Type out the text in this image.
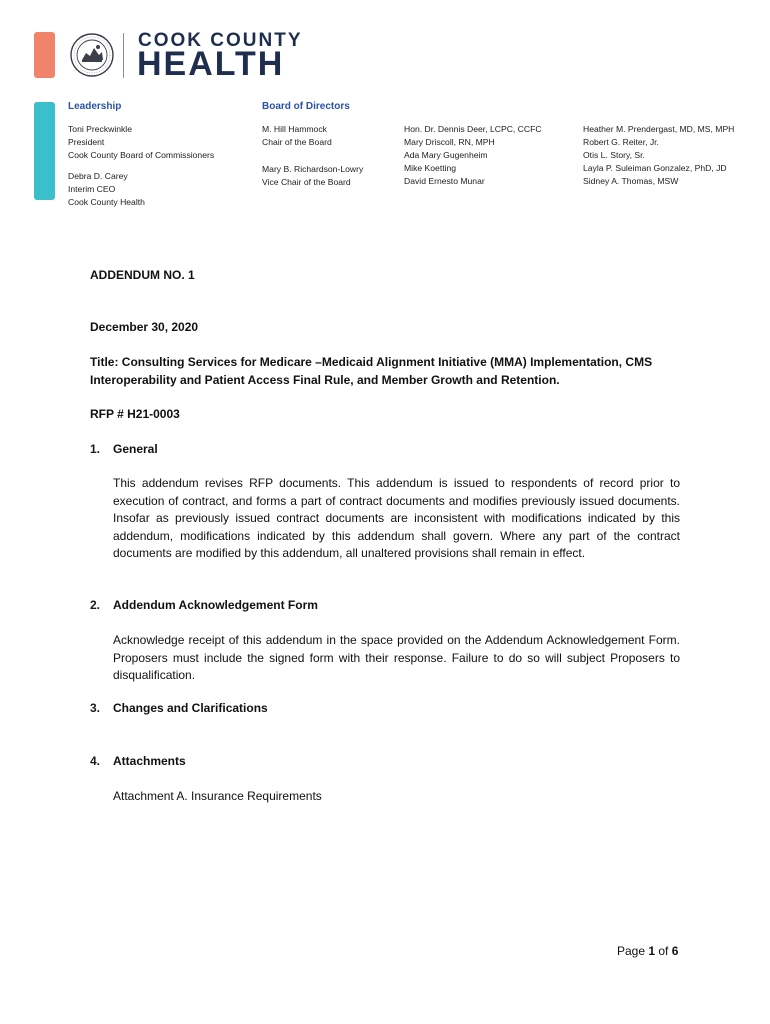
COOK COUNTY
HEALTH
Leadership
Toni Preckwinkle
President
Cook County Board of Commissioners
Debra D. Carey
Interim CEO
Cook County Health
Board of Directors
M. Hill Hammock
Chair of the Board
Mary B. Richardson-Lowry
Vice Chair of the Board
Hon. Dr. Dennis Deer, LCPC, CCFC
Mary Driscoll, RN, MPH
Ada Mary Gugenheim
Mike Koetting
David Ernesto Munar
Heather M. Prendergast, MD, MS, MPH
Robert G. Reiter, Jr.
Otis L. Story, Sr.
Layla P. Suleiman Gonzalez, PhD, JD
Sidney A. Thomas, MSW
ADDENDUM NO. 1
December 30, 2020
Title: Consulting Services for Medicare –Medicaid Alignment Initiative (MMA) Implementation, CMS
Interoperability and Patient Access Final Rule, and Member Growth and Retention.
RFP # H21-0003
1. General
This addendum revises RFP documents. This addendum is issued to respondents of record prior to execution of contract, and forms a part of contract documents and modifies previously issued documents. Insofar as previously issued contract documents are inconsistent with modifications indicated by this addendum, modifications indicated by this addendum shall govern. Where any part of the contract documents are modified by this addendum, all unaltered provisions shall remain in effect.
2. Addendum Acknowledgement Form
Acknowledge receipt of this addendum in the space provided on the Addendum Acknowledgement Form. Proposers must include the signed form with their response. Failure to do so will subject Proposers to disqualification.
3. Changes and Clarifications
4. Attachments
Attachment A. Insurance Requirements
Page 1 of 6
